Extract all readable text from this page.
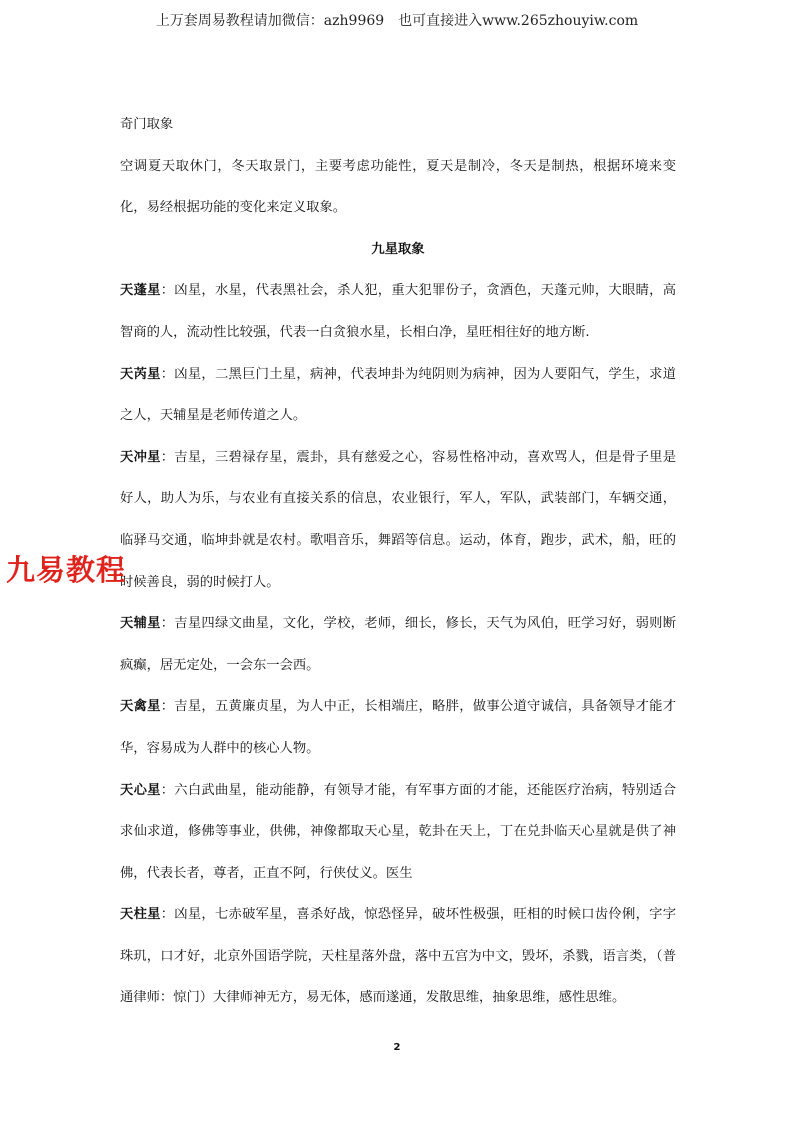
上万套周易教程请加微信：azh9969　也可直接进入www.265zhouyiw.com

奇门取象

空调夏天取休门，冬天取景门，主要考虑功能性，夏天是制冷，冬天是制热，根据环境来变化，易经根据功能的变化来定义取象。

九星取象

天蓬星：凶星，水星，代表黑社会，杀人犯，重大犯罪份子，贪酒色，天蓬元帅，大眼睛，高智商的人，流动性比较强，代表一白贪狼水星，长相白净，星旺相往好的地方断.

天芮星：凶星，二黑巨门土星，病神，代表坤卦为纯阴则为病神，因为人要阳气，学生，求道之人，天辅星是老师传道之人。

天冲星：吉星，三碧禄存星，震卦，具有慈爱之心，容易性格冲动，喜欢骂人，但是骨子里是好人，助人为乐，与农业有直接关系的信息，农业银行，军人，军队，武装部门，车辆交通，临驿马交通，临坤卦就是农村。歌唱音乐，舞蹈等信息。运动，体育，跑步，武术，船，旺的时候善良，弱的时候打人。

天辅星：吉星四绿文曲星，文化，学校，老师，细长，修长，天气为风伯，旺学习好，弱则断疯癫，居无定处，一会东一会西。

天禽星：吉星，五黄廉贞星，为人中正，长相端庄，略胖，做事公道守诚信，具备领导才能才华，容易成为人群中的核心人物。

天心星：六白武曲星，能动能静，有领导才能，有军事方面的才能，还能医疗治病，特别适合求仙求道，修佛等事业，供佛，神像都取天心星，乾卦在天上，丁在兑卦临天心星就是供了神佛，代表长者，尊者，正直不阿，行侠仗义。医生

天柱星：凶星，七赤破军星，喜杀好战，惊恐怪异，破坏性极强，旺相的时候口齿伶俐，字字珠玑，口才好，北京外国语学院，天柱星落外盘，落中五宫为中文，毁坏，杀戮，语言类，（普通律师：惊门）大律师神无方，易无体，感而遂通，发散思维，抽象思维，感性思维。

九易教程
2
